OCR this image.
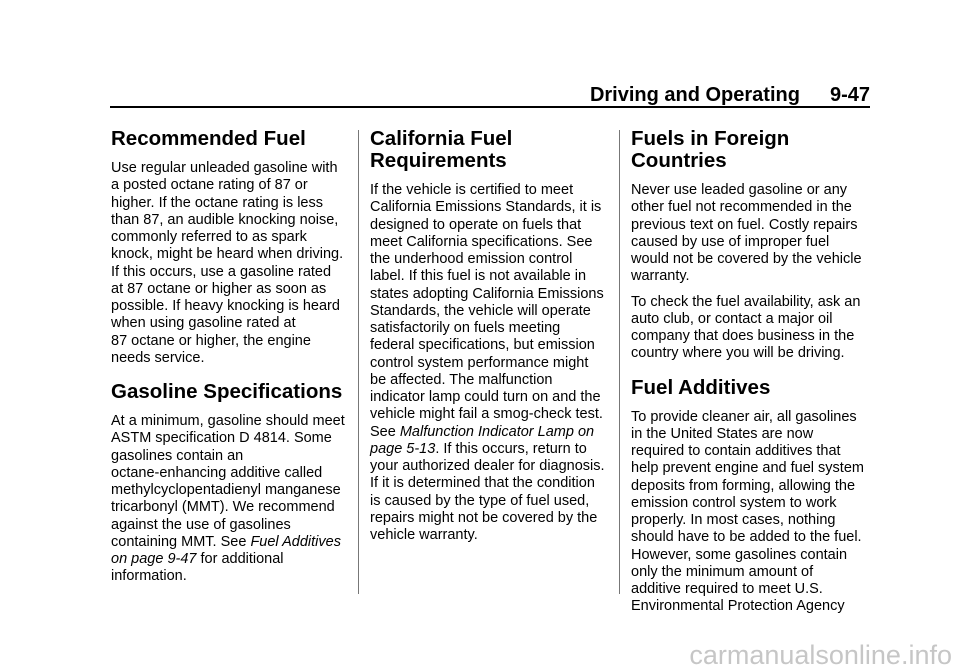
Driving and Operating 9-47
Recommended Fuel

Use regular unleaded gasoline with

a posted octane rating of 87 or

higher. If the octane rating is less

than 87, an audible knocking noise,

commonly referred to as spark

knock, might be heard when driving.

If this occurs, use a gasoline rated

at 87 octane or higher as soon as

possible. If heavy knocking is heard

when using gasoline rated at

87 octane or higher, the engine

needs service.

Gasoline Specifications

At a minimum, gasoline should meet

ASTM specification D 4814. Some

gasolines contain an

octane-enhancing additive called

methylcyclopentadienyl manganese

tricarbonyl (MMT). We recommend

against the use of gasolines

containing MMT. See Fuel Additives

on page 9‑47 for additional

information.

California Fuel Requirements

If the vehicle is certified to meet

California Emissions Standards, it is

designed to operate on fuels that

meet California specifications. See

the underhood emission control

label. If this fuel is not available in

states adopting California Emissions

Standards, the vehicle will operate

satisfactorily on fuels meeting

federal specifications, but emission

control system performance might

be affected. The malfunction

indicator lamp could turn on and the

vehicle might fail a smog-check test.

See Malfunction Indicator Lamp on

page 5‑13. If this occurs, return to

your authorized dealer for diagnosis.

If it is determined that the condition

is caused by the type of fuel used,

repairs might not be covered by the

vehicle warranty.

Fuels in Foreign Countries

Never use leaded gasoline or any

other fuel not recommended in the

previous text on fuel. Costly repairs

caused by use of improper fuel

would not be covered by the vehicle

warranty.

To check the fuel availability, ask an

auto club, or contact a major oil

company that does business in the

country where you will be driving.

Fuel Additives

To provide cleaner air, all gasolines

in the United States are now

required to contain additives that

help prevent engine and fuel system

deposits from forming, allowing the

emission control system to work

properly. In most cases, nothing

should have to be added to the fuel.

However, some gasolines contain

only the minimum amount of

additive required to meet U.S.

Environmental Protection Agency

carmanualsonline.info
